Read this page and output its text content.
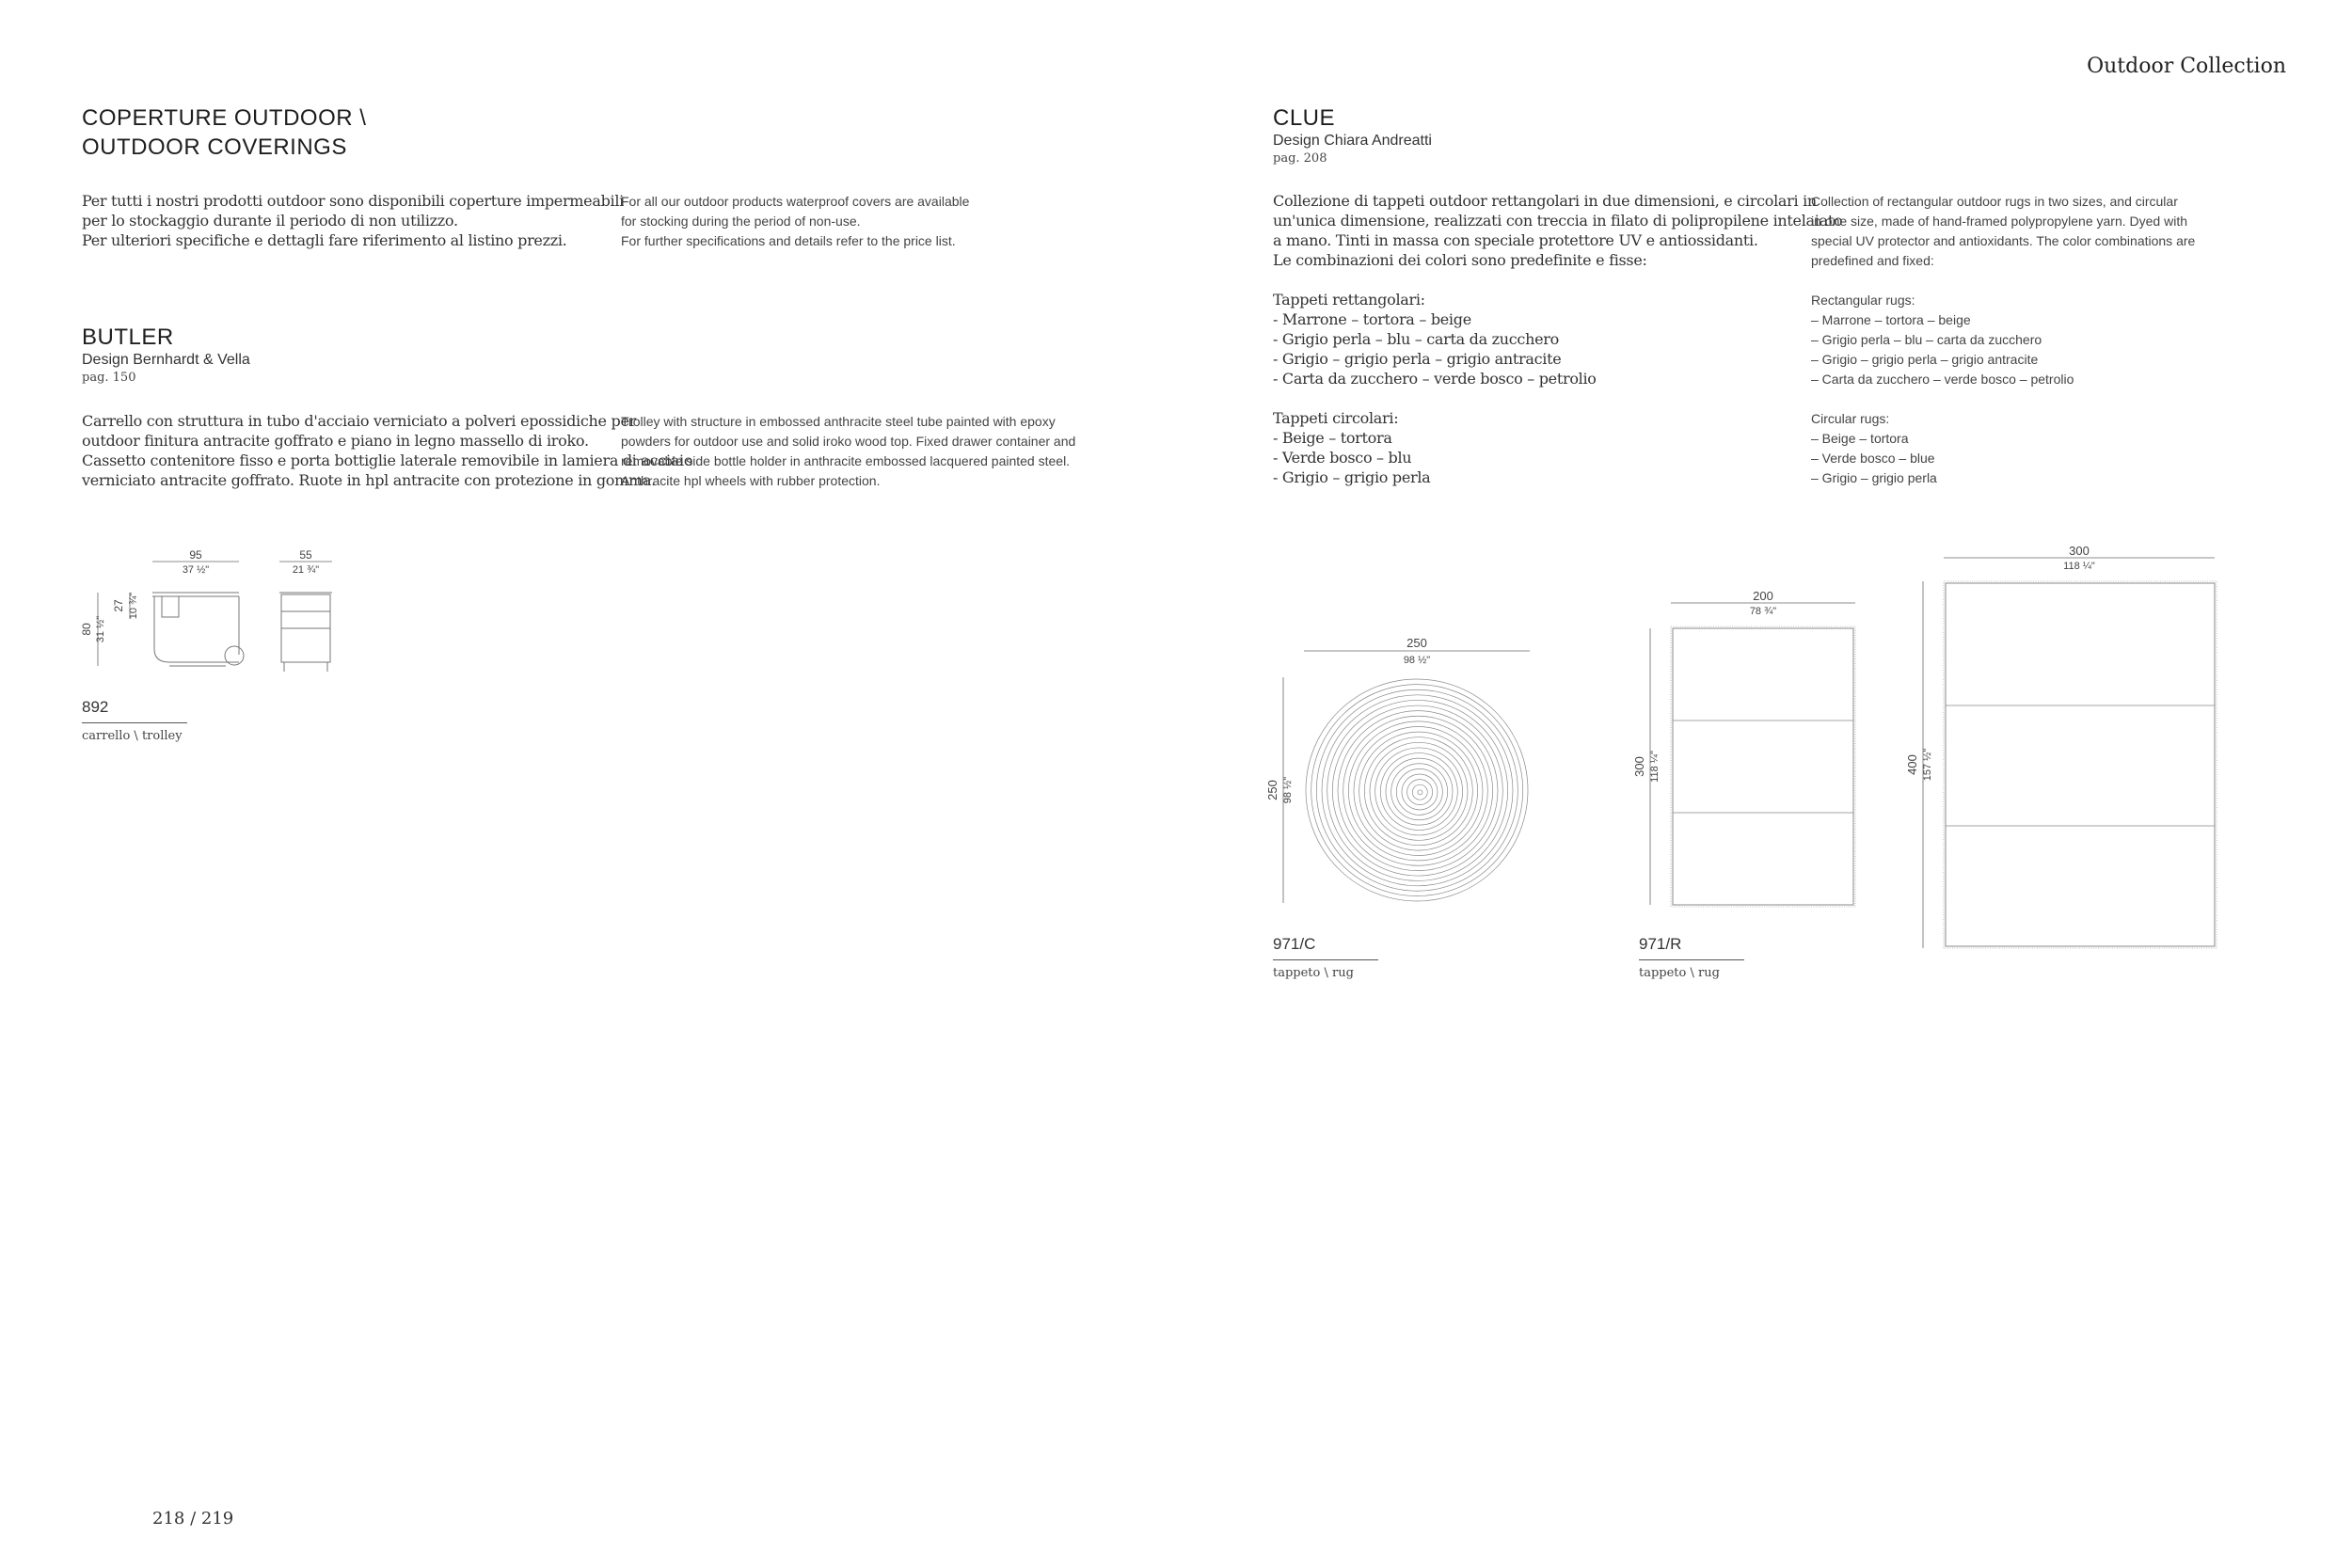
Outdoor Collection
COPERTURE OUTDOOR \
OUTDOOR COVERINGS
Per tutti i nostri prodotti outdoor sono disponibili coperture impermeabili
per lo stockaggio durante il periodo di non utilizzo.
Per ulteriori specifiche e dettagli fare riferimento al listino prezzi.
For all our outdoor products waterproof covers are available
for stocking during the period of non-use.
For further specifications and details refer to the price list.
BUTLER
Design Bernhardt & Vella
pag. 150
Carrello con struttura in tubo d'acciaio verniciato a polveri epossidiche per
outdoor finitura antracite goffrato e piano in legno massello di iroko.
Cassetto contenitore fisso e porta bottiglie laterale removibile in lamiera di acciaio
verniciato antracite goffrato. Ruote in hpl antracite con protezione in gomma.
Trolley with structure in embossed anthracite steel tube painted with epoxy
powders for outdoor use and solid iroko wood top. Fixed drawer container and
removable side bottle holder in anthracite embossed lacquered painted steel.
Anthracite hpl wheels with rubber protection.
95
37 ½"
55
21 ¾"
80 31 ½"
27 10 ¾"
892
carrello \ trolley
CLUE
Design Chiara Andreatti
pag. 208
Collezione di tappeti outdoor rettangolari in due dimensioni, e circolari in
un'unica dimensione, realizzati con treccia in filato di polipropilene intelaiato
a mano. Tinti in massa con speciale protettore UV e antiossidanti.
Le combinazioni dei colori sono predefinite e fisse:
Tappeti rettangolari:
- Marrone – tortora – beige
- Grigio perla – blu – carta da zucchero
- Grigio – grigio perla – grigio antracite
- Carta da zucchero – verde bosco – petrolio
Tappeti circolari:
- Beige – tortora
- Verde bosco – blu
- Grigio – grigio perla
Collection of rectangular outdoor rugs in two sizes, and circular
in one size, made of hand-framed polypropylene yarn. Dyed with
special UV protector and antioxidants. The color combinations are
predefined and fixed:
Rectangular rugs:
– Marrone – tortora – beige
– Grigio perla – blu – carta da zucchero
– Grigio – grigio perla – grigio antracite
– Carta da zucchero – verde bosco – petrolio
Circular rugs:
– Beige – tortora
– Verde bosco – blue
– Grigio – grigio perla
250
98 ½"
250 98 ½"
971/C
tappeto \ rug
200
78 ¾"
300 118 ¼"
971/R
tappeto \ rug
300
118 ¼"
400 157 ½"
218 / 219
